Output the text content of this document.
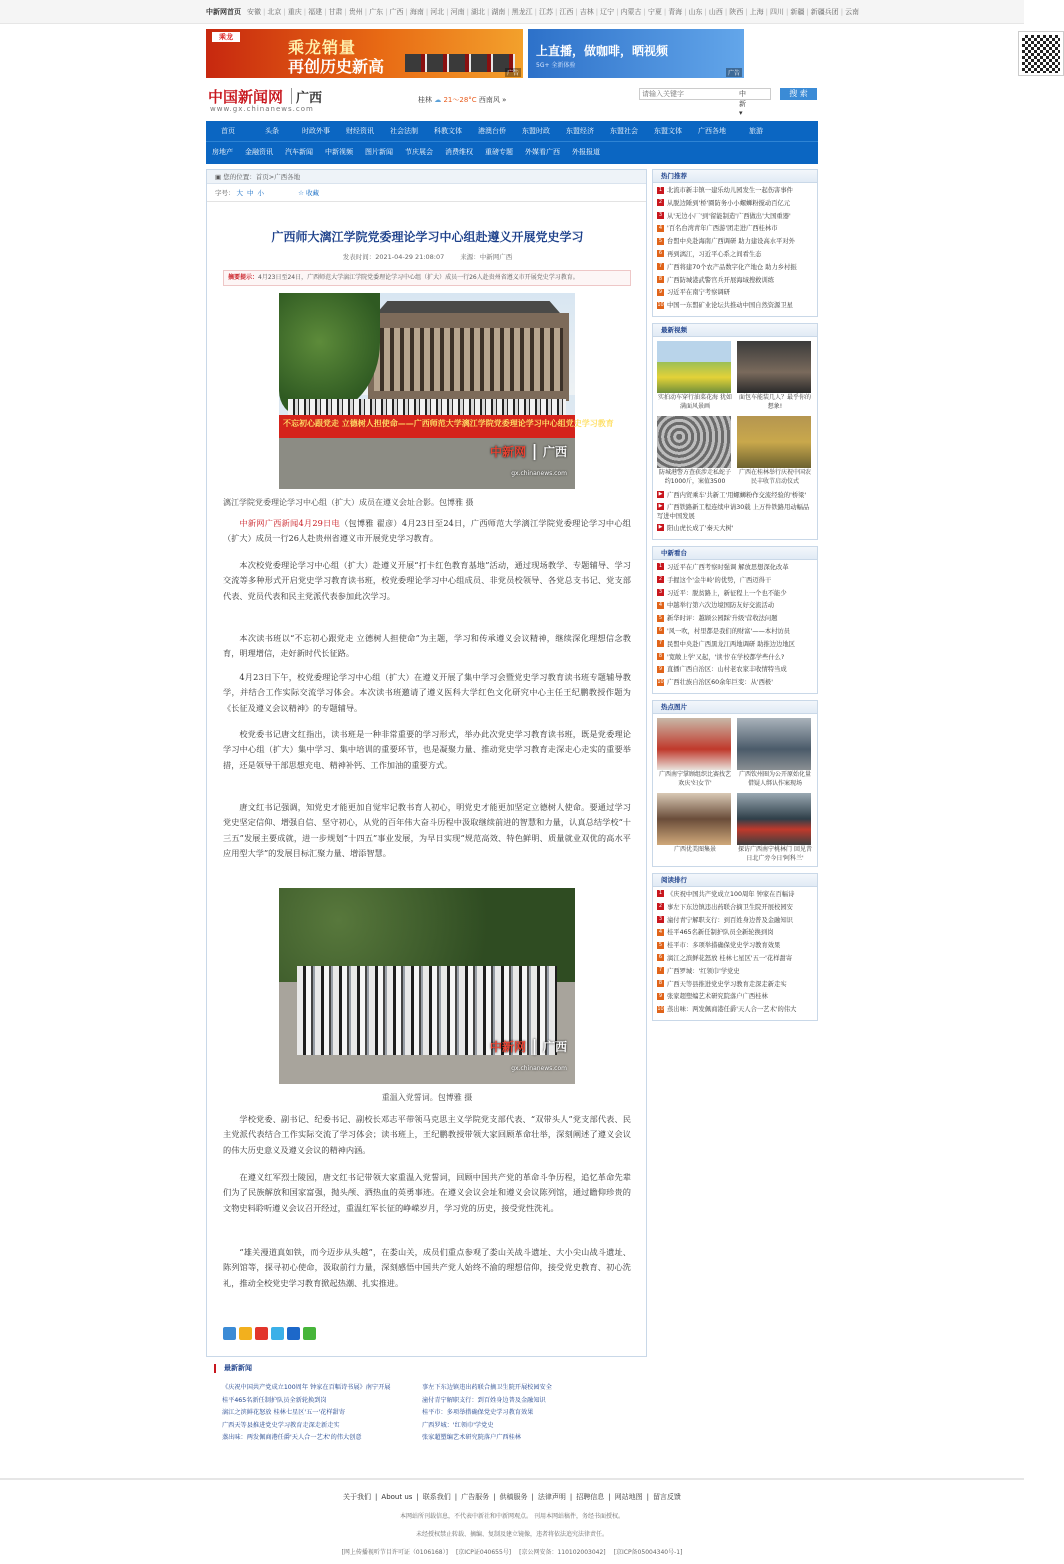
中新网首页 安徽 | 北京 | 重庆 | 福建 | 甘肃 | 贵州 | 广东 | 广西 | 海南 | 河北 | 河南 | 湖北 | 湖南 | 黑龙江 | 江苏 | 江西 | 吉林 | 辽宁 | 内蒙古 | 宁夏 | 青海 | 山东 | 山西 | 陕西 | 上海 | 四川 | 新疆 | 新疆兵团 | 云南
乘龙
乘龙销量
再创历史新高	广告
上直播，做咖啡，晒视频
5G+ 全新体验
广告
中国新闻网 广西
www.gx.chinanews.com
桂林 ☁ 21～28°C 西南风 »
请输入关键字
中 新 ▾
搜 索
首页	头条	时政外事	财经资讯	社会法制	科教文体	港澳台侨	东盟时政	东盟经济	东盟社会	东盟文体	广西各地	旅游
房地产	金融资讯	汽车新闻	中新视频	图片新闻	节庆展会	消费维权	重磅专题	外媒看广西	外报报道
▣ 您的位置：首页>广西各地
字号： 大 中 小	☆ 收藏
广西师大漓江学院党委理论学习中心组赴遵义开展党史学习
发表时间：2021-04-29 21:08:07 来源：中新网广西
摘要提示：4月23日至24日，广西师范大学漓江学院党委理论学习中心组（扩大）成员一行26人赴贵州省遵义市开展党史学习教育。
不忘初心跟党走 立德树人担使命——广西师范大学漓江学院党委理论学习中心组党史学习教育
中新网 | 广西
gx.chinanews.com
漓江学院党委理论学习中心组（扩大）成员在遵义会址合影。包博雅 摄
中新网广西新闻4月29日电（包博雅 翟彦）4月23日至24日，广西师范大学漓江学院党委理论学习中心组（扩大）成员一行26人赴贵州省遵义市开展党史学习教育。
本次校党委理论学习中心组（扩大）赴遵义开展“打卡红色教育基地”活动，通过现场教学、专题辅导、学习交流等多种形式开启党史学习教育读书班，校党委理论学习中心组成员、非党员校领导、各党总支书记、党支部代表、党员代表和民主党派代表参加此次学习。
本次读书班以“不忘初心跟党走 立德树人担使命”为主题，学习和传承遵义会议精神，继续深化理想信念教育，明理增信，走好新时代长征路。
4月23日下午，校党委理论学习中心组（扩大）在遵义开展了集中学习会暨党史学习教育读书班专题辅导教学，并结合工作实际交流学习体会。本次读书班邀请了遵义医科大学红色文化研究中心主任王纪鹏教授作题为《长征及遵义会议精神》的专题辅导。
校党委书记唐文红指出，读书班是一种非常重要的学习形式，举办此次党史学习教育读书班，既是党委理论学习中心组（扩大）集中学习、集中培训的重要环节，也是凝聚力量、推动党史学习教育走深走心走实的重要举措，还是领导干部思想充电、精神补钙、工作加油的重要方式。
唐文红书记强调，知党史才能更加自觉牢记教书育人初心，明党史才能更加坚定立德树人使命。要通过学习党史坚定信仰、增强自信、坚守初心，从党的百年伟大奋斗历程中汲取继续前进的智慧和力量，认真总结学校“十三五”发展主要成就，进一步规划“十四五”事业发展，为早日实现“规范高效、特色鲜明、质量就业双优的高水平应用型大学”的发展目标汇聚力量、增添智慧。
中新网 | 广西
gx.chinanews.com
重温入党誓词。包博雅 摄
学校党委、副书记、纪委书记、副校长邓志平带领马克思主义学院党支部代表、“双带头人”党支部代表、民主党派代表结合工作实际交流了学习体会；读书班上，王纪鹏教授带领大家回顾革命壮举，深刻阐述了遵义会议的伟大历史意义及遵义会议的精神内涵。
在遵义红军烈士陵园，唐文红书记带领大家重温入党誓词，回顾中国共产党的革命斗争历程，追忆革命先辈们为了民族解放和国家富强，抛头颅、洒热血的英勇事迹。在遵义会议会址和遵义会议陈列馆，通过瞻仰珍贵的文物史料聆听遵义会议召开经过，重温红军长征的峥嵘岁月，学习党的历史，接受党性洗礼。
“雄关漫道真如铁，而今迈步从头越”，在娄山关，成员们重点参观了娄山关战斗遗址、大小尖山战斗遗址、陈列馆等，探寻初心使命，汲取前行力量，深刻感悟中国共产党人始终不渝的理想信仰，接受党史教育、初心洗礼，推动全校党史学习教育掀起热潮、扎实推进。
热门推荐
1 北流市新丰镇一建乐幼儿园发生一起伤害事件
2 从脱边陲到'桥'圈防务小小螺蛳粉搅动百亿元
3 从'无边小厂'到'留能制造'广西做出'大国重器'
4 '百名台湾青年广西游'团走进广西桂林市
5 台盟中央赴海南广西调研 助力建设高水平对外
6 再到漓江，习近平心系之间看生态
7 广西将建70个农产品数字化产地仓 助力乡村振
8 广西防城港武警官兵开展海域搜救训练
9 习近平在南宁考察调研
10 中国一东盟矿业论坛共推动中国自然资源卫星
最新视频
实拍动车穿行油菜花海 犹如满面风景画
面包车能装几人？最乎你的想象!
防城港警方查获涉走私蛇子约1000斤，案值3500
广西在桂林举行庆祝中国农民丰收节启动仪式
▶ 广西内贸乘车'共新工'用螺蛳粉作交流经验的'桥梁'
▶ 广西铁路新工程连续申请30载 上万件铁路用动幅品写进中国发展
▶ 阳山虎长成了'秦天大树'
中新看台
1 习近平在广西考察时强调 解放思想深化改革
2 手握这个'金牛岭'的优势，广西迈得干
3 习近平：脱贫路上，新征程上一个也不能少
4 中越举行第六次边境国防友好交流活动
5 新华时评：越顾公园踩'升级'营收法问题
6 '风一吹，村里都是我们的财富'——本村访员
7 民盟中央赴广西黑龙江两地调研 助推边边地区
8 '宽敞上学'又起，'读书'在学校都学些什么?
9 直播广西自治区：山村老农家丰收情特当成
10 广西壮族自治区60余年巨变：从'西极'
热点图片
广西南宁掌顾组织比赛找艺 欢庆'妇女节'
广西钦州圈为公开原始化量借疑人绑认作案现场
广西优美图集景	探访广西南宁桃林门 回见昔日北广旁今日'阿科兰'
阅读排行
1 《庆祝中国共产党成立100周年 钟家在百幅诗
2 事左下东边镇违出药联合摘卫生院开展校园安
3 潼付青宁解职支行：到百姓身边普及金融知识
4 桂平465名新任制护队员全新轮换到岗
5 桂平市：多项举措确保党史学习教育效果
6 漓江之滨鲜花怒放 桂林七星区'五一'花样甜寄
7 广西罗城：'红领巾'学党史
8 广西天等县推进党史学习教育走深走新走实
9 张家超塑编艺术研究院落户广西桂林
10 蒸出味：两发佩商港任爵'天人合一艺术'的伟大
最新新闻
《庆祝中国共产党成立100周年 钟家在百幅诗书展》南宁开展
桂平465名新任制护队员全新轮换到岗
漓江之滨鲜花怒放 桂林七星区'五一'花样甜寄
广西天等县推进党史学习教育走深走新走实
蒸出味：两发佩商港任爵'天人合一艺术'的伟大创意
事左下东边镇违出药联合摘卫生院开展校园安全
潼付青宁解职支行：到百姓身边普及金融知识
桂平市：多项举措确保党史学习教育效果
广西罗城：'红领巾'学党史
张家超塑编艺术研究院落户广西桂林
关于我们 | About us | 联系我们 | 广告服务 | 供稿服务 | 法律声明 | 招聘信息 | 网站地图 | 留言反馈
本网站所刊载信息，不代表中新社和中新网观点。 刊用本网站稿件，务经书面授权。
未经授权禁止转载、摘编、复制及建立镜像，违者将依法追究法律责任。
[网上传播视听节目许可证（0106168）] [京ICP证040655号] [京公网安备：110102003042] [京ICP备05004340号-1]
